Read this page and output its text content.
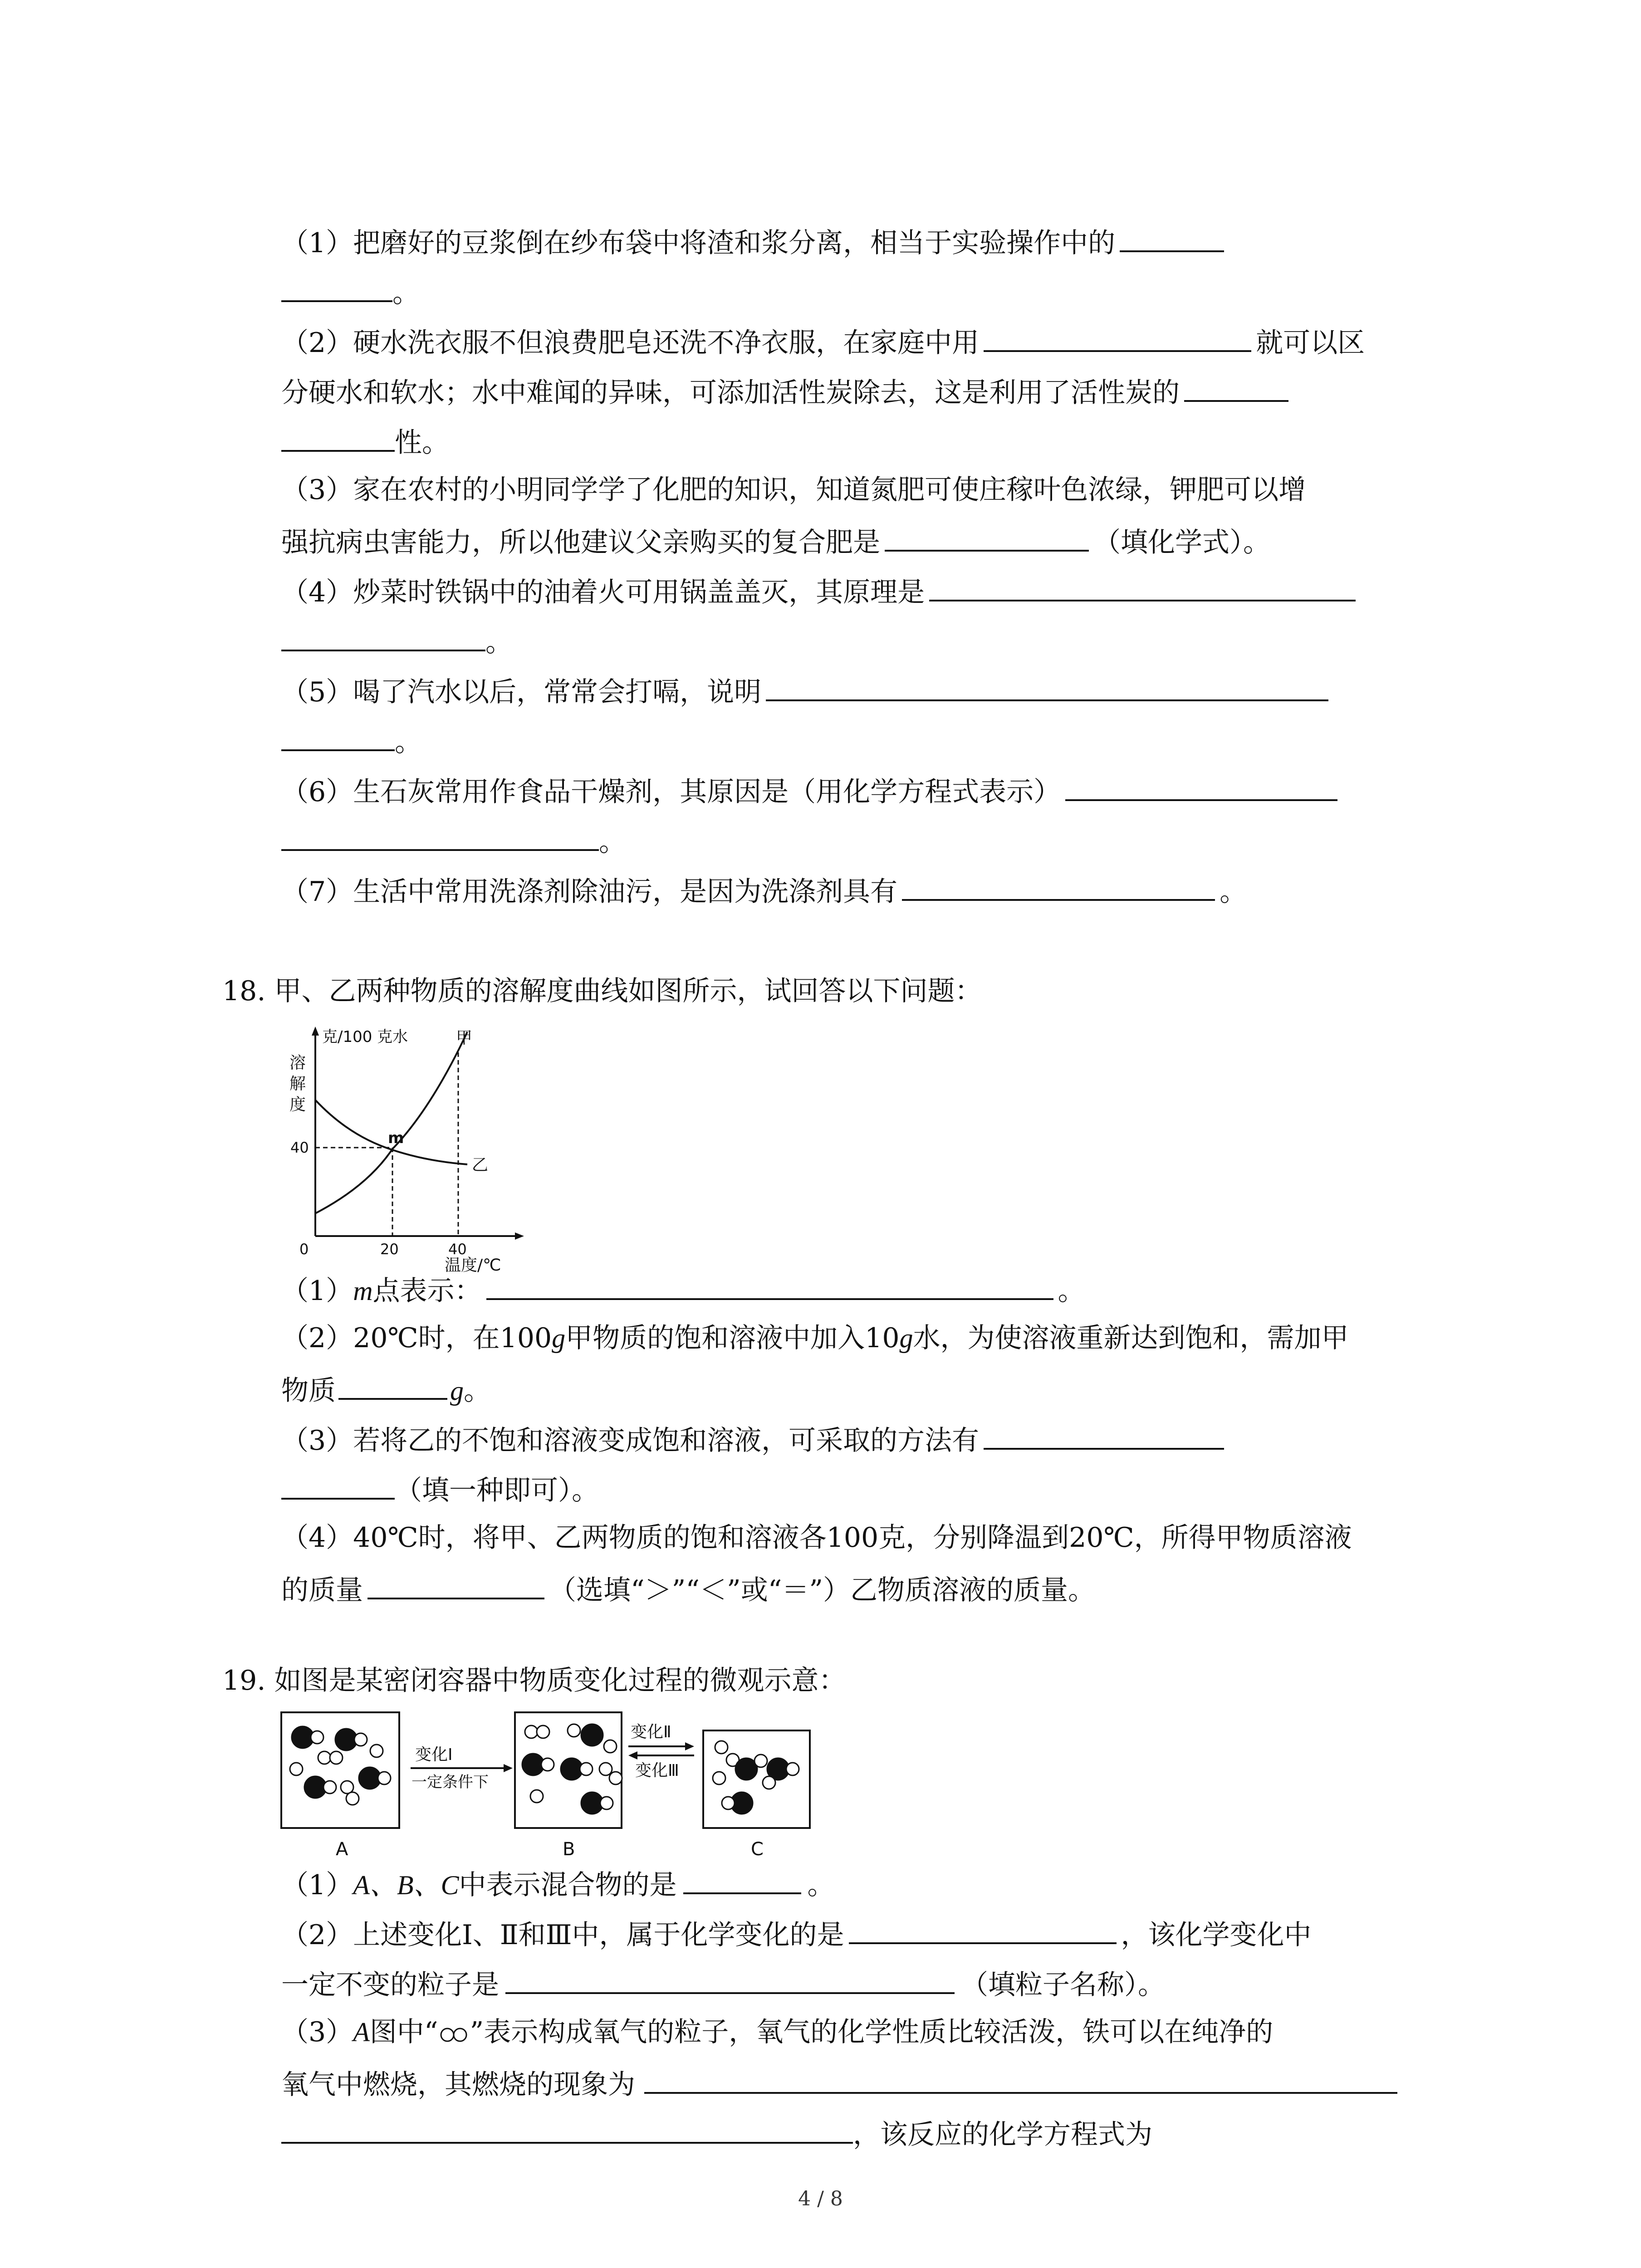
（1）把磨好的豆浆倒在纱布袋中将渣和浆分离，相当于实验操作中的
。
（2）硬水洗衣服不但浪费肥皂还洗不净衣服，在家庭中用	就可以区
分硬水和软水；水中难闻的异味，可添加活性炭除去，这是利用了活性炭的
性。
（3）家在农村的小明同学学了化肥的知识，知道氮肥可使庄稼叶色浓绿，钾肥可以增
强抗病虫害能力，所以他建议父亲购买的复合肥是	（填化学式）。
（4）炒菜时铁锅中的油着火可用锅盖盖灭，其原理是
。
（5）喝了汽水以后，常常会打嗝，说明
。
（6）生石灰常用作食品干燥剂，其原因是（用化学方程式表示）
。
（7）生活中常用洗涤剂除油污，是因为洗涤剂具有	。
18. 甲、乙两种物质的溶解度曲线如图所示，试回答以下问题：
克/100 克水
溶
解
度
0	20	40
40
甲
乙
m
温度/℃
（1）m点表示：	。
（2）20℃时，在100g甲物质的饱和溶液中加入10g水，为使溶液重新达到饱和，需加甲
物质	g。
（3）若将乙的不饱和溶液变成饱和溶液，可采取的方法有
（填一种即可）。
（4）40℃时，将甲、乙两物质的饱和溶液各100克，分别降温到20℃，所得甲物质溶液
的质量	（选填“＞”“＜”或“＝”）乙物质溶液的质量。
19. 如图是某密闭容器中物质变化过程的微观示意：
A
变化Ⅰ
一定条件下
B
变化Ⅱ
变化Ⅲ
C
（1）A、B、C中表示混合物的是	。
（2）上述变化Ⅰ、Ⅱ和Ⅲ中，属于化学变化的是	，该化学变化中
一定不变的粒子是	（填粒子名称）。
（3）A图中“ ”表示构成氧气的粒子，氧气的化学性质比较活泼，铁可以在纯净的
氧气中燃烧，其燃烧的现象为
，该反应的化学方程式为
4 / 8
